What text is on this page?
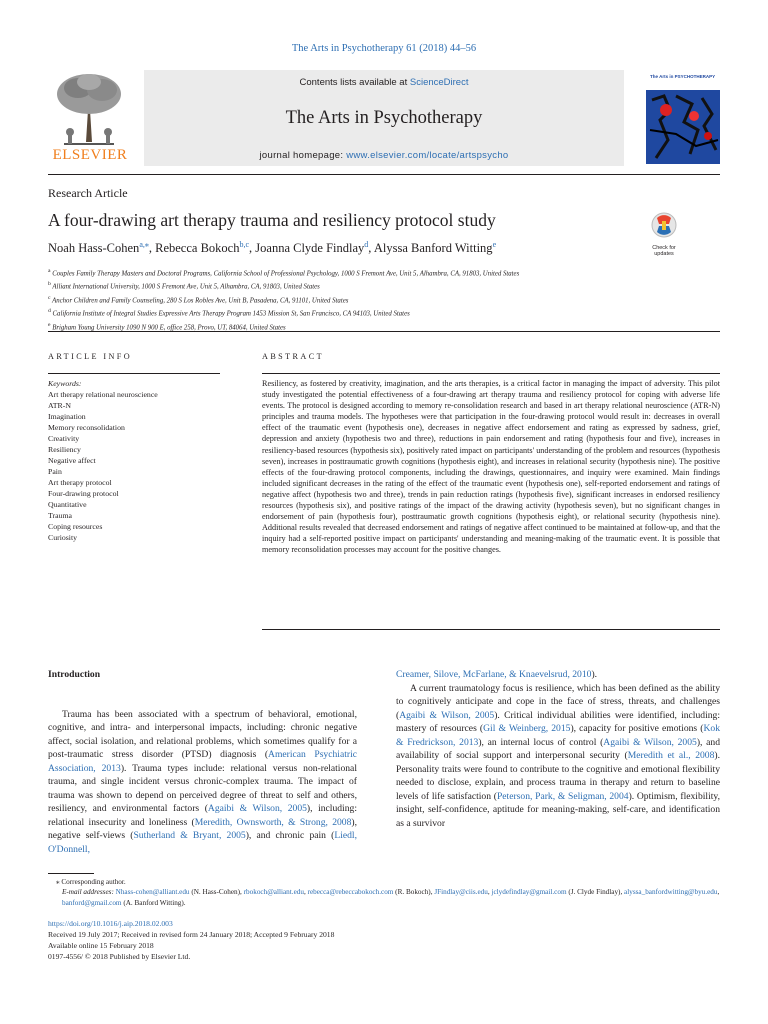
The Arts in Psychotherapy 61 (2018) 44–56
ELSEVIER
Contents lists available at ScienceDirect
The Arts in Psychotherapy
journal homepage: www.elsevier.com/locate/artspsycho
The Arts in PSYCHOTHERAPY
Research Article
A four-drawing art therapy trauma and resiliency protocol study
Check for updates
Noah Hass-Cohen$^{a,⁎}$, Rebecca Bokoch$^{b,c}$, Joanna Clyde Findlay$^d$, Alyssa Banford Witting$^e$
$^a$ Couples Family Therapy Masters and Doctoral Programs, California School of Professional Psychology, 1000 S Fremont Ave, Unit 5, Alhambra, CA, 91803, United States
$^b$ Alliant International University, 1000 S Fremont Ave, Unit 5, Alhambra, CA, 91803, United States
$^c$ Anchor Children and Family Counseling, 280 S Los Robles Ave, Unit B, Pasadena, CA, 91101, United States
$^d$ California Institute of Integral Studies Expressive Arts Therapy Program 1453 Mission St, San Francisco, CA 94103, United States
$^e$ Brigham Young University 1090 N 900 E, office 258, Provo, UT, 84064, United States
ARTICLE INFO	ABSTRACT
Keywords:
Art therapy relational neuroscience
ATR-N
Imagination
Memory reconsolidation
Creativity
Resiliency
Negative affect
Pain
Art therapy protocol
Four-drawing protocol
Quantitative
Trauma
Coping resources
Curiosity
Resiliency, as fostered by creativity, imagination, and the arts therapies, is a critical factor in managing the impact of adversity. This pilot study investigated the potential effectiveness of a four-drawing art therapy trauma and resiliency protocol for coping with adverse life events. The protocol is designed according to memory re-consolidation research and based in art therapy relational neuroscience (ATR-N) principles and trauma models. The hypotheses were that participation in the four-drawing protocol would result in: decreases in overall effect of the traumatic event (hypothesis one), decreases in negative affect endorsement and rating as expressed by sadness, grief, depression and anxiety (hypothesis two and three), reductions in pain endorsement and rating (hypothesis four and five), increases in resiliency-based resources (hypothesis six), positively rated impact on participants' understanding of the problem and resources (hypothesis seven), increases in posttraumatic growth cognitions (hypothesis eight), and increases in relational security (hypothesis nine). The positive effects of the four-drawing protocol components, including the drawings, questionnaires, and inquiry were examined. Main findings included significant decreases in the rating of the effect of the traumatic event (hypothesis one), self-reported endorsement and ratings of negative affect (hypothesis two and three), trends in pain reduction ratings (hypothesis five), significant increases in endorsed resiliency resources (hypothesis six), and positive ratings of the impact of the drawing activity (hypothesis seven), but no significant changes in endorsement of pain (hypothesis four), posttraumatic growth cognitions (hypothesis eight), or relational security (hypothesis nine). Additional results revealed that decreased endorsement and ratings of negative affect continued to be maintained at follow-up, and that the inquiry had a self-reported positive impact on participants' understanding and meaning-making of the traumatic event. It is possible that memory reconsolidation processes may account for the positive changes.

Introduction

Trauma has been associated with a spectrum of behavioral, emotional, cognitive, and intra- and interpersonal impacts, including: chronic negative affect, social isolation, and relational problems, which sometimes qualify for a post-traumatic stress disorder (PTSD) diagnosis (American Psychiatric Association, 2013). Trauma types include: relational versus non-relational trauma, and single incident versus chronic-complex trauma. The impact of trauma was shown to depend on perceived degree of threat to self and others, resiliency, and environmental factors (Agaibi & Wilson, 2005), including: relational insecurity and loneliness (Meredith, Ownsworth, & Strong, 2008), negative self-views (Sutherland & Bryant, 2005), and chronic pain (Liedl, O'Donnell,

Creamer, Silove, McFarlane, & Knaevelsrud, 2010).

A current traumatology focus is resilience, which has been defined as the ability to cognitively anticipate and cope in the face of stress, threats, and challenges (Agaibi & Wilson, 2005). Critical individual abilities were identified, including: mastery of resources (Gil & Weinberg, 2015), capacity for positive emotions (Kok & Fredrickson, 2013), an internal locus of control (Agaibi & Wilson, 2005), and availability of social support and interpersonal security (Meredith et al., 2008). Personality traits were found to contribute to the cognitive and emotional flexibility needed to disclose, explain, and process trauma in therapy and return to baseline levels of life satisfaction (Peterson, Park, & Seligman, 2004). Optimism, flexibility, insight, self-confidence, aptitude for meaning-making, self-care, and identification as a survivor

⁎ Corresponding author.
E-mail addresses: Nhass-cohen@alliant.edu (N. Hass-Cohen), rbokoch@alliant.edu, rebecca@rebeccabokoch.com (R. Bokoch), JFindlay@ciis.edu, jclydefindlay@gmail.com (J. Clyde Findlay), alyssa_banfordwitting@byu.edu, banford@gmail.com (A. Banford Witting).
https://doi.org/10.1016/j.aip.2018.02.003
Received 19 July 2017; Received in revised form 24 January 2018; Accepted 9 February 2018
Available online 15 February 2018
0197-4556/ © 2018 Published by Elsevier Ltd.
